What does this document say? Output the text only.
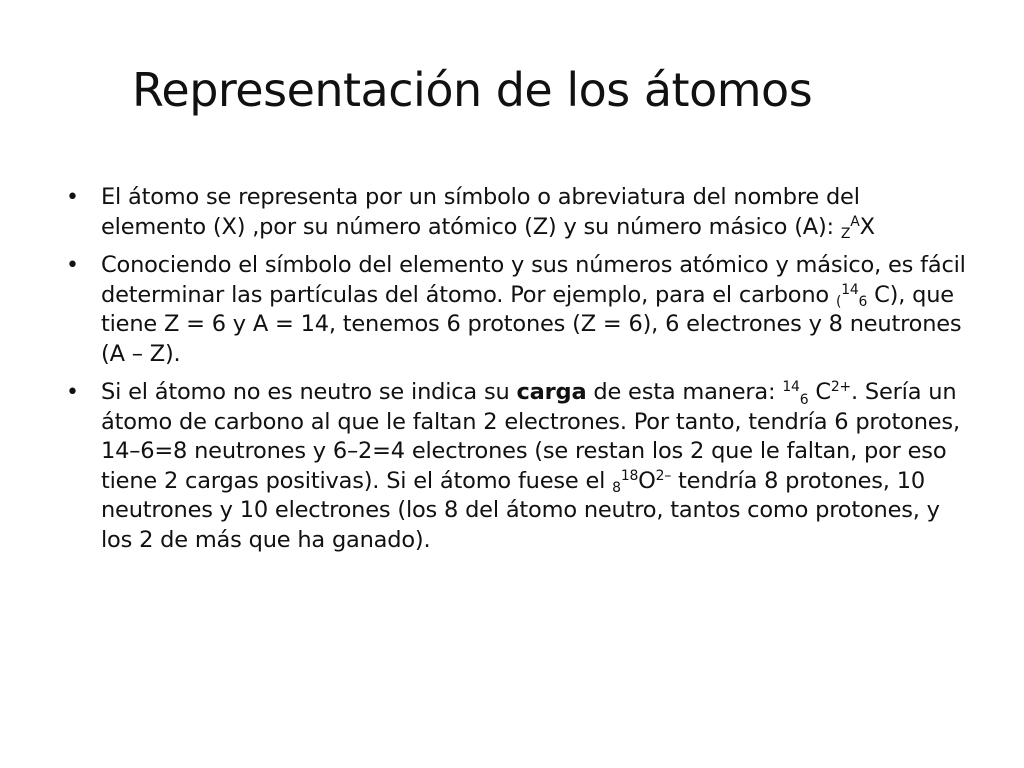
Representación de los átomos
• El átomo se representa por un símbolo o abreviatura del nombre del elemento (X) ,por su número atómico (Z) y su número másico (A): $_Z^A$X
• Conociendo el símbolo del elemento y sus números atómico y másico, es fácil determinar las partículas del átomo. Por ejemplo, para el carbono $_(^{14}_6$ C), que tiene Z = 6 y A = 14, tenemos 6 protones (Z = 6), 6 electrones y 8 neutrones (A – Z).
• Si el átomo no es neutro se indica su carga de esta manera: $^{14}_6$ $C^{2+}$. Sería un átomo de carbono al que le faltan 2 electrones. Por tanto, tendría 6 protones, 14–6=8 neutrones y 6–2=4 electrones (se restan los 2 que le faltan, por eso tiene 2 cargas positivas). Si el átomo fuese el $_8^{18}O^{2-}$ tendría 8 protones, 10 neutrones y 10 electrones (los 8 del átomo neutro, tantos como protones, y los 2 de más que ha ganado).
